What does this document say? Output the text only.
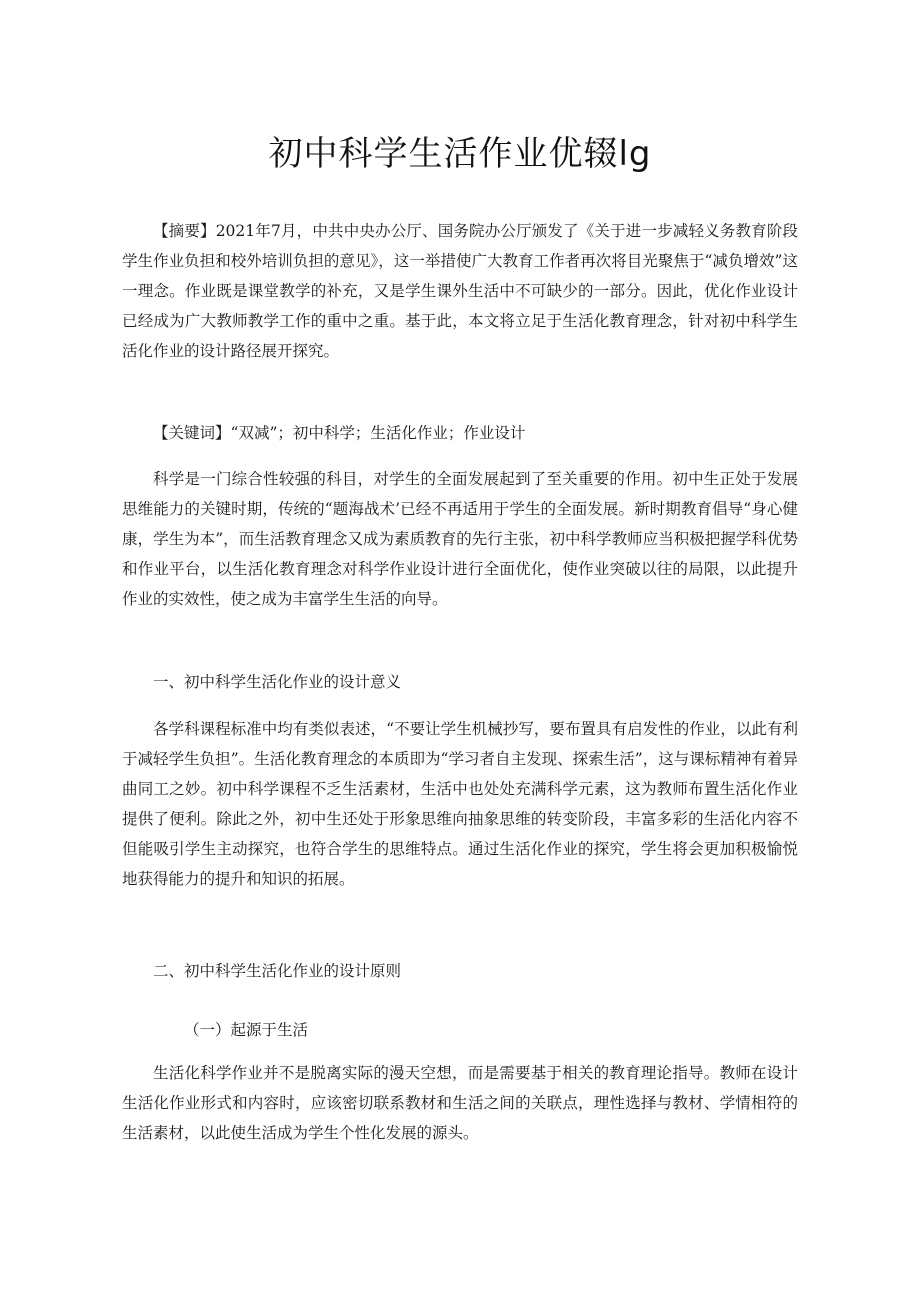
初中科学生活作业优辍lg

【摘要】2021年7月，中共中央办公厅、国务院办公厅颁发了《关于进一步减轻义务教育阶段学生作业负担和校外培训负担的意见》，这一举措使广大教育工作者再次将目光聚焦于“减负增效”这一理念。作业既是课堂教学的补充，又是学生课外生活中不可缺少的一部分。因此，优化作业设计已经成为广大教师教学工作的重中之重。基于此，本文将立足于生活化教育理念，针对初中科学生活化作业的设计路径展开探究。

【关键词】“双减”；初中科学；生活化作业；作业设计

科学是一门综合性较强的科目，对学生的全面发展起到了至关重要的作用。初中生正处于发展思维能力的关键时期，传统的“题海战术’已经不再适用于学生的全面发展。新时期教育倡导“身心健康，学生为本”，而生活教育理念又成为素质教育的先行主张，初中科学教师应当积极把握学科优势和作业平台，以生活化教育理念对科学作业设计进行全面优化，使作业突破以往的局限，以此提升作业的实效性，使之成为丰富学生生活的向导。

一、初中科学生活化作业的设计意义

各学科课程标准中均有类似表述，“不要让学生机械抄写，要布置具有启发性的作业，以此有利于减轻学生负担”。生活化教育理念的本质即为“学习者自主发现、探索生活”，这与课标精神有着异曲同工之妙。初中科学课程不乏生活素材，生活中也处处充满科学元素，这为教师布置生活化作业提供了便利。除此之外，初中生还处于形象思维向抽象思维的转变阶段，丰富多彩的生活化内容不但能吸引学生主动探究，也符合学生的思维特点。通过生活化作业的探究，学生将会更加积极愉悦地获得能力的提升和知识的拓展。

二、初中科学生活化作业的设计原则

（一）起源于生活

生活化科学作业并不是脱离实际的漫天空想，而是需要基于相关的教育理论指导。教师在设计生活化作业形式和内容时，应该密切联系教材和生活之间的关联点，理性选择与教材、学情相符的生活素材，以此使生活成为学生个性化发展的源头。
